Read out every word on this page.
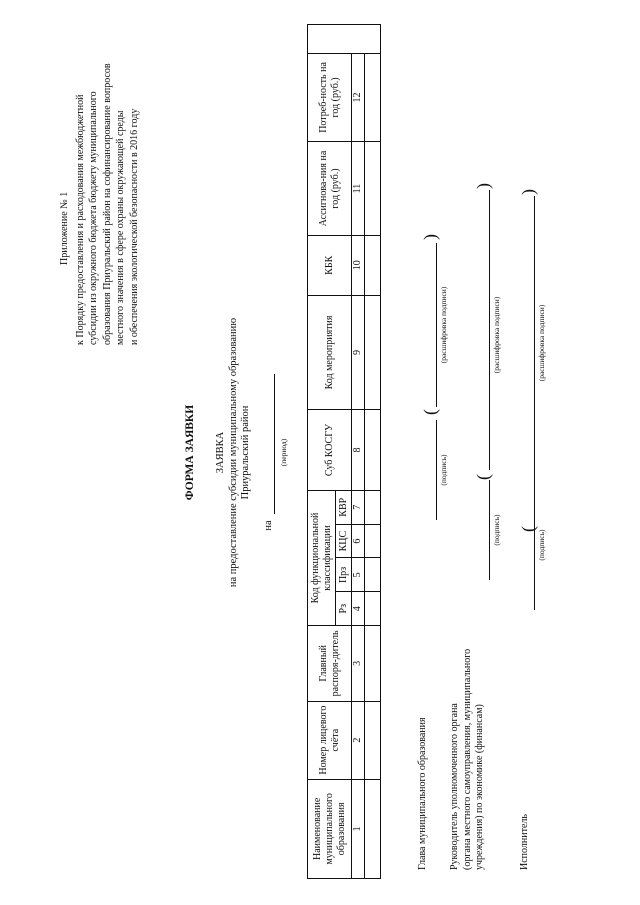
Приложение № 1 к Порядку предоставления и расходования межбюджетной субсидии из окружного бюджета бюджету муниципального образования Приуральский район на софинансирование вопросов местного значения в сфере охраны окружающей среды и обеспечения экологической безопасности в 2016 году
ФОРМА ЗАЯВКИ ЗАЯВКА на предоставление субсидии муниципальному образованию Приуральский район
на
(период)
Наименование муниципального образования	Номер лицевого счёта	Главный распоря-дитель	Код функциональной классификации				Суб КОСГУ	Код мероприятия	КБК	Ассигнова-ния на год (руб.)	Потреб-ность на год (руб.)	
			Рз	Прз	КЦС	КВР						
1	2	3	4	5	6	7	8	9	10	11	12	

Глава муниципального образования
(подпись)
(
)
(расшифровка подписи)
Руководитель уполномоченного органа (органа местного самоуправления, муниципального учреждения) по экономике (финансам)
(подпись)
(
)
(расшифровка подписи)
Исполнитель
(подпись)
(
)
(расшифровка подписи)
